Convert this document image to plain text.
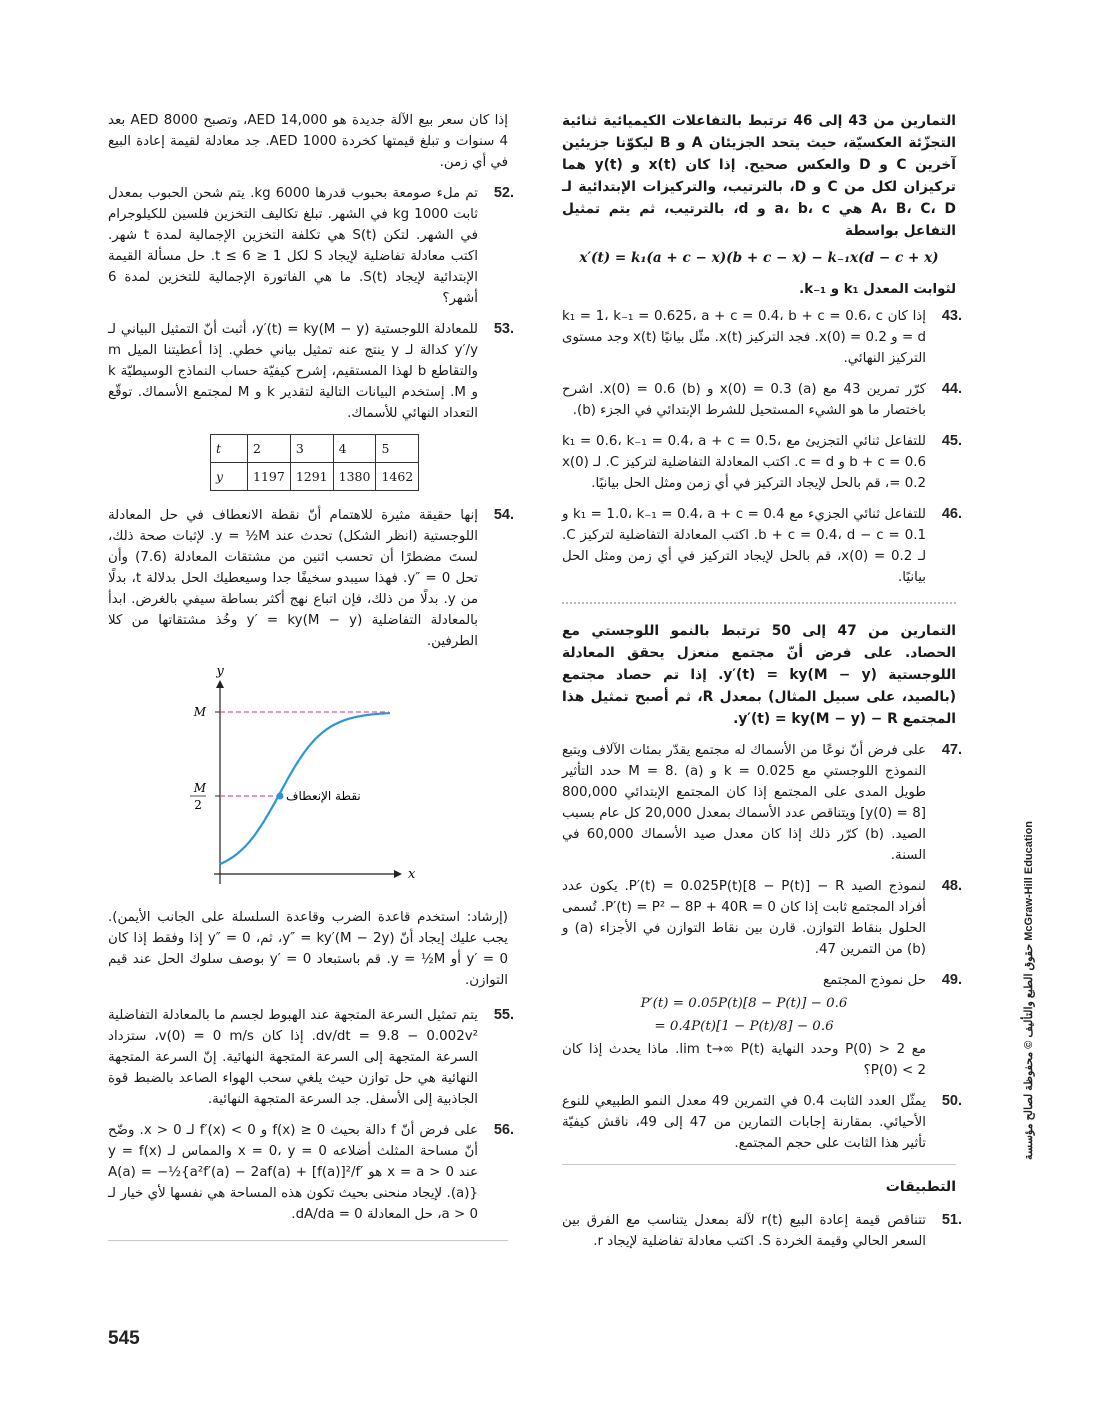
التمارين من 43 إلى 46 ترتبط بالتفاعلات الكيميائية ثنائية التجزّئة العكسيّة، حيث يتحد الجزيئان A و B ليكوّنا جزيئين آخرين C و D والعكس صحيح. إذا كان x(t) و y(t) هما تركيزان لكل من C و D، بالترتيب، والتركيزات الإبتدائية لـ A، B، C، D هي a، b، c و d، بالترتيب، ثم يتم تمثيل التفاعل بواسطة
x′(t) = k₁(a + c − x)(b + c − x) − k₋₁x(d − c + x)
لثوابت المعدل k₁ و k₋₁.
43.
إذا كان k₁ = 1، k₋₁ = 0.625، a + c = 0.4، b + c = 0.6، c = d و x(0) = 0.2. فجد التركيز x(t). مثّل بيانيًا x(t) وجد مستوى التركيز النهائي.
44.
كرّر تمرين 43 مع (a) x(0) = 0.3 و (b) x(0) = 0.6. اشرح باختصار ما هو الشيء المستحيل للشرط الإبتدائي في الجزء (b).
45.
للتفاعل ثنائي التجزيئ مع k₁ = 0.6، k₋₁ = 0.4، a + c = 0.5، b + c = 0.6 و c = d. اكتب المعادلة التفاضلية لتركيز C. لـ x(0) = 0.2، قم بالحل لإيجاد التركيز في أي زمن ومثل الحل بيانيًا.
46.
للتفاعل ثنائي الجزيء مع k₁ = 1.0، k₋₁ = 0.4، a + c = 0.4 و b + c = 0.4، d − c = 0.1. اكتب المعادلة التفاضلية لتركيز C. لـ x(0) = 0.2، قم بالحل لإيجاد التركيز في أي زمن ومثل الحل بيانيًا.
التمارين من 47 إلى 50 ترتبط بالنمو اللوجستي مع الحصاد. على فرض أنّ مجتمع منعزل يحقق المعادلة اللوجستية y′(t) = ky(M − y). إذا تم حصاد مجتمع (بالصيد، على سبيل المثال) بمعدل R، ثم أصبح تمثيل هذا المجتمع y′(t) = ky(M − y) − R.
47.
على فرض أنّ نوعًا من الأسماك له مجتمع يقدّر بمئات الآلاف ويتبع النموذج اللوجستي مع k = 0.025 و M = 8. (a) حدد التأثير طويل المدى على المجتمع إذا كان المجتمع الإبتدائي 800,000 [y(0) = 8] ويتناقص عدد الأسماك بمعدل 20,000 كل عام بسبب الصيد. (b) كرّر ذلك إذا كان معدل صيد الأسماك 60,000 في السنة.
48.
لنموذج الصيد P′(t) = 0.025P(t)[8 − P(t)] − R. يكون عدد أفراد المجتمع ثابت إذا كان P′(t) = P² − 8P + 40R = 0. تُسمى الحلول بنقاط التوازن. قارن بين نقاط التوازن في الأجزاء (a) و (b) من التمرين 47.
49.
حل نموذج المجتمع
P′(t) = 0.05P(t)[8 − P(t)] − 0.6
= 0.4P(t)[1 − P(t)/8] − 0.6
مع P(0) > 2 وحدد النهاية lim t→∞ P(t). ماذا يحدث إذا كان P(0) < 2؟
50.
يمثّل العدد الثابت 0.4 في التمرين 49 معدل النمو الطبيعي للنوع الأحيائي. بمقارنة إجابات التمارين من 47 إلى 49، ناقش كيفيّة تأثير هذا الثابت على حجم المجتمع.
التطبيقات
51.
تتناقص قيمة إعادة البيع r(t) لآلة بمعدل يتناسب مع الفرق بين السعر الحالي وقيمة الخردة S. اكتب معادلة تفاضلية لإيجاد r.
إذا كان سعر بيع الآلة جديدة هو AED 14,000، وتصبح AED 8000 بعد 4 سنوات و تبلغ قيمتها كخردة AED 1000. جد معادلة لقيمة إعادة البيع في أي زمن.
52.
تم ملء صومعة بحبوب قدرها 6000 kg. يتم شحن الحبوب بمعدل ثابت 1000 kg في الشهر. تبلغ تكاليف التخزين فلسين للكيلوجرام في الشهر. لتكن S(t) هي تكلفة التخزين الإجمالية لمدة t شهر. اكتب معادلة تفاضلية لإيجاد S لكل 1 ≤ t ≤ 6. حل مسألة القيمة الإبتدائية لإيجاد S(t). ما هي الفاتورة الإجمالية للتخزين لمدة 6 أشهر؟
53.
للمعادلة اللوجستية y′(t) = ky(M − y)، أثبت أنّ التمثيل البياني لـ y′/y كدالة لـ y ينتج عنه تمثيل بياني خطي. إذا أعطيتنا الميل m والتقاطع b لهذا المستقيم، إشرح كيفيّة حساب النماذج الوسيطيّة k و M. إستخدم البيانات التالية لتقدير k و M لمجتمع الأسماك. توقّع التعداد النهائي للأسماك.
t	2	3	4	5
y	1197	1291	1380	1462
54.
إنها حقيقة مثيرة للاهتمام أنّ نقطة الانعطاف في حل المعادلة اللوجستية (انظر الشكل) تحدث عند y = ½M. لإثبات صحة ذلك، لستَ مضطرًا أن تحسب اثنين من مشتقات المعادلة (7.6) وأن تحل y″ = 0. فهذا سيبدو سخيفًا جدا وسيعطيك الحل بدلالة t، بدلًا من y. بدلًا من ذلك، فإن اتباع نهج أكثر بساطة سيفي بالغرض. ابدأ بالمعادلة التفاضلية y′ = ky(M − y) وخُذ مشتقاتها من كلا الطرفين.
y
x
M
M
2
نقطة الإنعطاف
(إرشاد: استخدم قاعدة الضرب وقاعدة السلسلة على الجانب الأيمن). يجب عليك إيجاد أنّ y″ = ky′(M − 2y)، ثم، y″ = 0 إذا وفقط إذا كان y′ = 0 أو y = ½M. قم باستبعاد y′ = 0 بوصف سلوك الحل عند قيم التوازن.
55.
يتم تمثيل السرعة المتجهة عند الهبوط لجسم ما بالمعادلة التفاضلية dv/dt = 9.8 − 0.002v². إذا كان v(0) = 0 m/s، ستزداد السرعة المتجهة إلى السرعة المتجهة النهائية. إنّ السرعة المتجهة النهائية هي حل توازن حيث يلغي سحب الهواء الصاعد بالضبط قوة الجاذبية إلى الأسفل. جد السرعة المتجهة النهائية.
56.
على فرض أنّ f دالة بحيث f(x) ≥ 0 و f′(x) < 0 لـ x > 0. وضّح أنّ مساحة المثلث أضلاعه x = 0، y = 0 والمماس لـ y = f(x) عند x = a > 0 هو A(a) = −½{a²f′(a) − 2af(a) + [f(a)]²/f′(a)}. لإيجاد منحنى بحيث تكون هذه المساحة هي نفسها لأي خيار لـ a > 0، حل المعادلة dA/da = 0.
حقوق الطبع والتأليف © محفوظة لصالح مؤسسة McGraw-Hill Education
545
